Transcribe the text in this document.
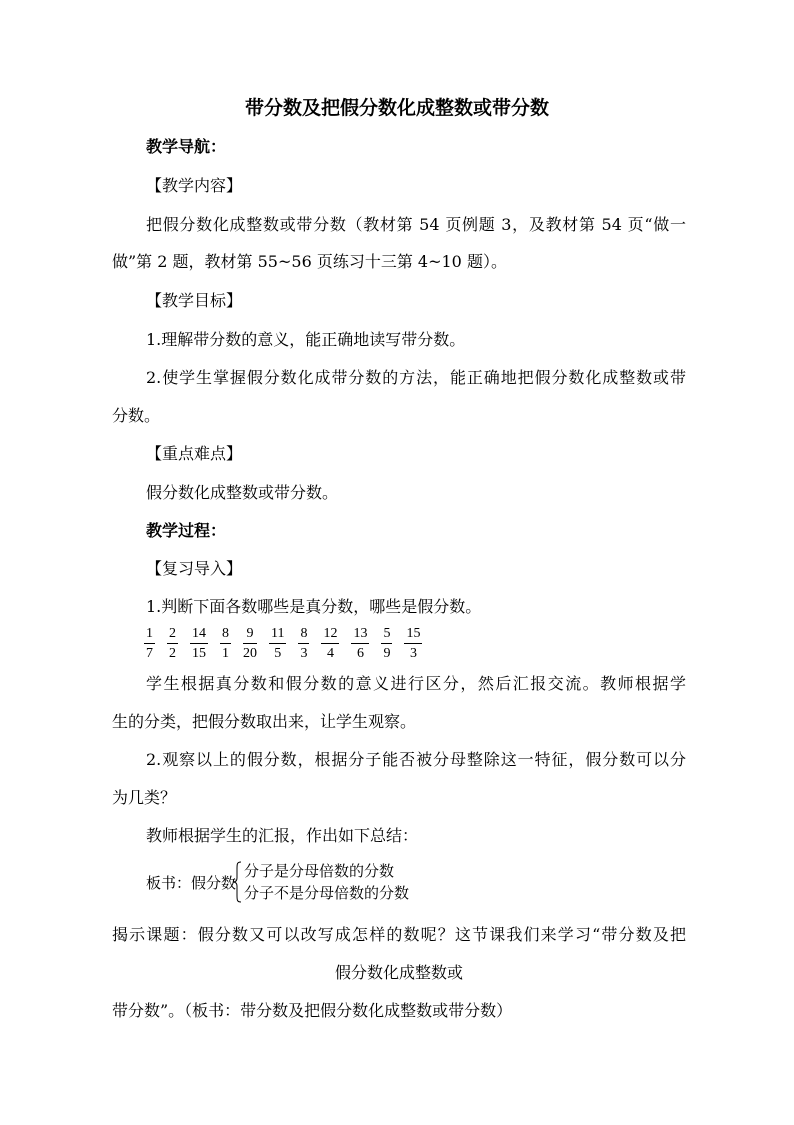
带分数及把假分数化成整数或带分数

教学导航：

【教学内容】

把假分数化成整数或带分数（教材第 54 页例题 3，及教材第 54 页“做一

做”第 2 题，教材第 55~56 页练习十三第 4~10 题）。

【教学目标】

1.理解带分数的意义，能正确地读写带分数。

2.使学生掌握假分数化成带分数的方法，能正确地把假分数化成整数或带

分数。

【重点难点】

假分数化成整数或带分数。

教学过程：

【复习导入】

1.判断下面各数哪些是真分数，哪些是假分数。

$\frac{1}{7} \frac{2}{2} \frac{14}{15} \frac{8}{1} \frac{9}{20} \frac{11}{5} \frac{8}{3} \frac{12}{4} \frac{13}{6} \frac{5}{9} \frac{15}{3}$

学生根据真分数和假分数的意义进行区分，然后汇报交流。教师根据学

生的分类，把假分数取出来，让学生观察。

2.观察以上的假分数，根据分子能否被分母整除这一特征，假分数可以分

为几类？

教师根据学生的汇报，作出如下总结：

板书：假分数
分子是分母倍数的分数
分子不是分母倍数的分数

揭示课题：假分数又可以改写成怎样的数呢？这节课我们来学习“带分数及把

假分数化成整数或

带分数”。（板书：带分数及把假分数化成整数或带分数）
